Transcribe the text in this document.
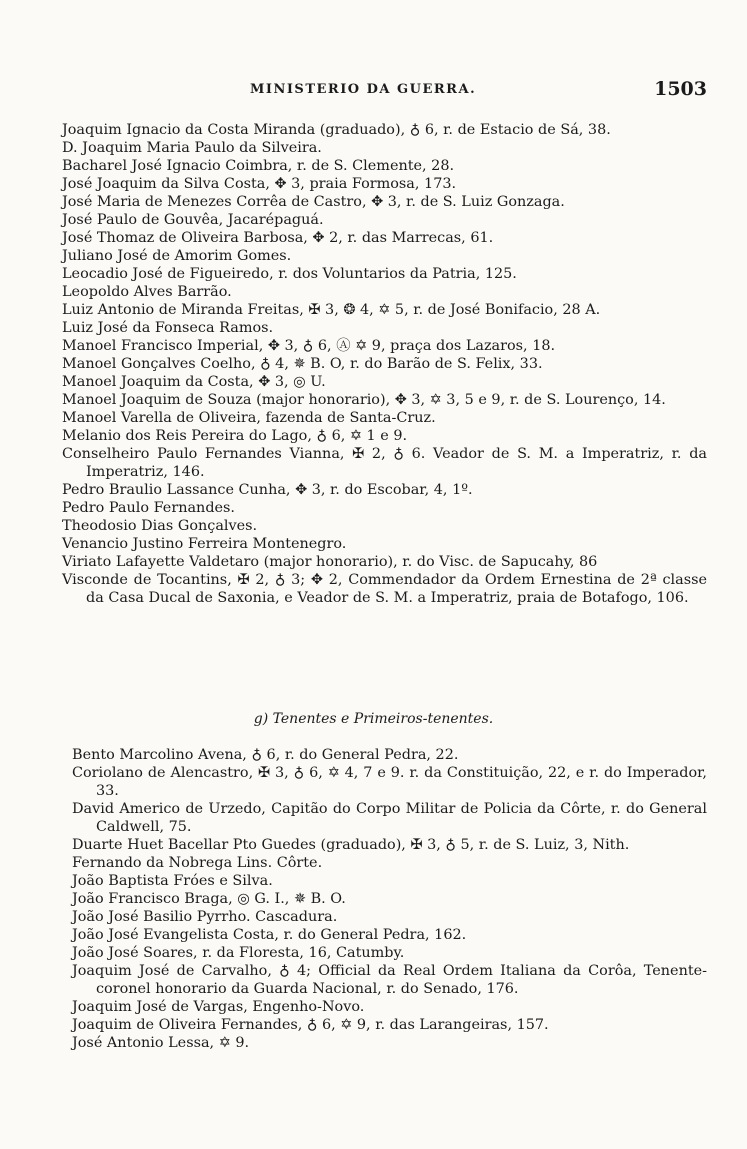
MINISTERIO DA GUERRA.	1503
Joaquim Ignacio da Costa Miranda (graduado), ♁ 6, r. de Estacio de Sá, 38.
D. Joaquim Maria Paulo da Silveira.
Bacharel José Ignacio Coimbra, r. de S. Clemente, 28.
José Joaquim da Silva Costa, ✥ 3, praia Formosa, 173.
José Maria de Menezes Corrêa de Castro, ✥ 3, r. de S. Luiz Gonzaga.
José Paulo de Gouvêa, Jacarépaguá.
José Thomaz de Oliveira Barbosa, ✥ 2, r. das Marrecas, 61.
Juliano José de Amorim Gomes.
Leocadio José de Figueiredo, r. dos Voluntarios da Patria, 125.
Leopoldo Alves Barrão.
Luiz Antonio de Miranda Freitas, ✠ 3, ❂ 4, ✡ 5, r. de José Bonifacio, 28 A.
Luiz José da Fonseca Ramos.
Manoel Francisco Imperial, ✥ 3, ♁ 6, Ⓐ ✡ 9, praça dos Lazaros, 18.
Manoel Gonçalves Coelho, ♁ 4, ✵ B. O, r. do Barão de S. Felix, 33.
Manoel Joaquim da Costa, ✥ 3, ◎ U.
Manoel Joaquim de Souza (major honorario), ✥ 3, ✡ 3, 5 e 9, r. de S. Lourenço, 14.
Manoel Varella de Oliveira, fazenda de Santa-Cruz.
Melanio dos Reis Pereira do Lago, ♁ 6, ✡ 1 e 9.
Conselheiro Paulo Fernandes Vianna, ✠ 2, ♁ 6. Veador de S. M. a Imperatriz, r. da Imperatriz, 146.
Pedro Braulio Lassance Cunha, ✥ 3, r. do Escobar, 4, 1º.
Pedro Paulo Fernandes.
Theodosio Dias Gonçalves.
Venancio Justino Ferreira Montenegro.
Viriato Lafayette Valdetaro (major honorario), r. do Visc. de Sapucahy, 86
Visconde de Tocantins, ✠ 2, ♁ 3; ✥ 2, Commendador da Ordem Ernestina de 2ª classe da Casa Ducal de Saxonia, e Veador de S. M. a Imperatriz, praia de Botafogo, 106.
g) Tenentes e Primeiros-tenentes.
Bento Marcolino Avena, ♁ 6, r. do General Pedra, 22.
Coriolano de Alencastro, ✠ 3, ♁ 6, ✡ 4, 7 e 9. r. da Constituição, 22, e r. do Imperador, 33.
David Americo de Urzedo, Capitão do Corpo Militar de Policia da Côrte, r. do General Caldwell, 75.
Duarte Huet Bacellar Pto Guedes (graduado), ✠ 3, ♁ 5, r. de S. Luiz, 3, Nith.
Fernando da Nobrega Lins. Côrte.
João Baptista Fróes e Silva.
João Francisco Braga, ◎ G. I., ✵ B. O.
João José Basilio Pyrrho. Cascadura.
João José Evangelista Costa, r. do General Pedra, 162.
João José Soares, r. da Floresta, 16, Catumby.
Joaquim José de Carvalho, ♁ 4; Official da Real Ordem Italiana da Corôa, Tenente-coronel honorario da Guarda Nacional, r. do Senado, 176.
Joaquim José de Vargas, Engenho-Novo.
Joaquim de Oliveira Fernandes, ♁ 6, ✡ 9, r. das Larangeiras, 157.
José Antonio Lessa, ✡ 9.
